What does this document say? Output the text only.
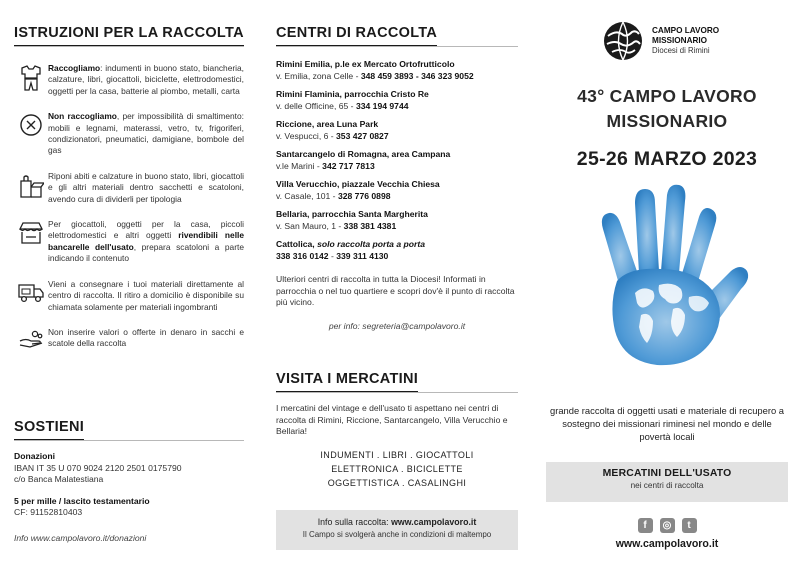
ISTRUZIONI PER LA RACCOLTA
Raccogliamo: indumenti in buono stato, biancheria, calzature, libri, giocattoli, biciclette, elettrodomestici, oggetti per la casa, batterie al piombo, metalli, carta
Non raccogliamo, per impossibilità di smaltimento: mobili e legnami, materassi, vetro, tv, frigoriferi, condizionatori, pneumatici, damigiane, bombole del gas
Riponi abiti e calzature in buono stato, libri, giocattoli e gli altri materiali dentro sacchetti e scatoloni, avendo cura di dividerli per tipologia
Per giocattoli, oggetti per la casa, piccoli elettrodomestici e altri oggetti rivendibili nelle bancarelle dell'usato, prepara scatoloni a parte indicando il contenuto
Vieni a consegnare i tuoi materiali direttamente al centro di raccolta. Il ritiro a domicilio è disponibile su chiamata solamente per materiali ingombranti
Non inserire valori o offerte in denaro in sacchi e scatole della raccolta
SOSTIENI
Donazioni
IBAN IT 35 U 070 9024 2120 2501 0175790
c/o Banca Malatestiana
5 per mille / lascito testamentario
CF: 91152810403
Info www.campolavoro.it/donazioni
CENTRI DI RACCOLTA
Rimini Emilia, p.le ex Mercato Ortofrutticolo
v. Emilia, zona Celle - 348 459 3893 - 346 323 9052
Rimini Flaminia, parrocchia Cristo Re
v. delle Officine, 65 - 334 194 9744
Riccione, area Luna Park
v. Vespucci, 6 - 353 427 0827
Santarcangelo di Romagna, area Campana
v.le Marini - 342 717 7813
Villa Verucchio, piazzale Vecchia Chiesa
v. Casale, 101 - 328 776 0898
Bellaria, parrocchia Santa Margherita
v. San Mauro, 1 - 338 381 4381
Cattolica, solo raccolta porta a porta
338 316 0142 - 339 311 4130
Ulteriori centri di raccolta in tutta la Diocesi! Informati in parrocchia o nel tuo quartiere e scopri dov'è il punto di raccolta più vicino.
per info: segreteria@campolavoro.it
VISITA I MERCATINI
I mercatini del vintage e dell'usato ti aspettano nei centri di raccolta di Rimini, Riccione, Santarcangelo, Villa Verucchio e Bellaria!
INDUMENTI . LIBRI . GIOCATTOLI
ELETTRONICA . BICICLETTE
OGGETTISTICA . CASALINGHI
Info sulla raccolta: www.campolavoro.it
Il Campo si svolgerà anche in condizioni di maltempo
CAMPO LAVORO
MISSIONARIO
Diocesi di Rimini
43° CAMPO LAVORO
MISSIONARIO
25-26 MARZO 2023
grande raccolta di oggetti usati e materiale di recupero a sostegno dei missionari riminesi nel mondo e delle povertà locali
MERCATINI DELL'USATO
nei centri di raccolta
f	◎	t
www.campolavoro.it
